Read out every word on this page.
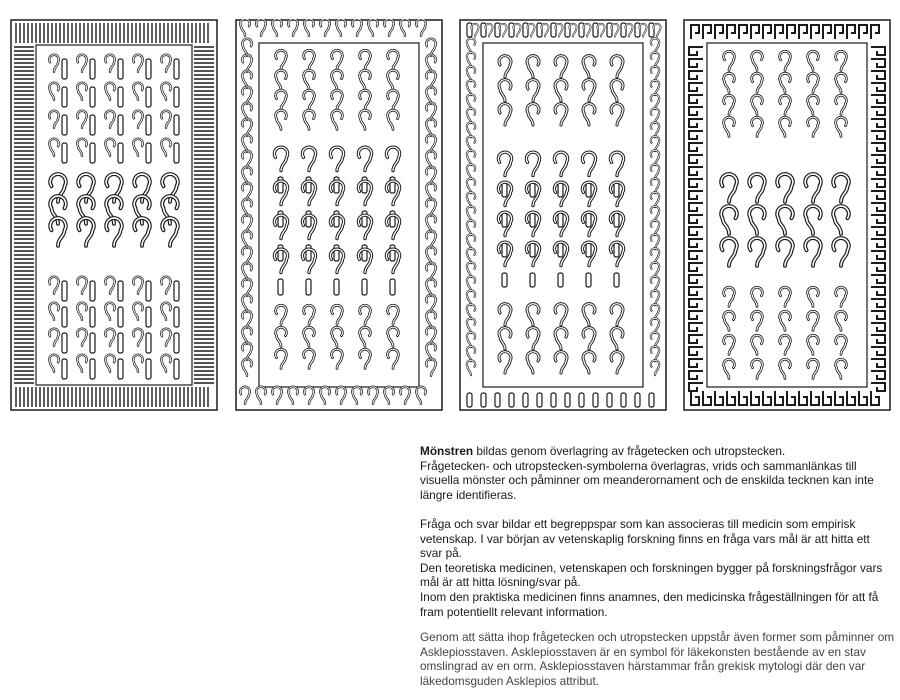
Mönstren bildas genom överlagring av frågetecken och utropstecken.

Frågetecken- och utropstecken-symbolerna överlagras, vrids och sammanlänkas till visuella mönster och påminner om meanderornament och de enskilda tecknen kan inte längre identifieras.

Fråga och svar bildar ett begreppspar som kan associeras till medicin som empirisk vetenskap. I var början av vetenskaplig forskning finns en fråga vars mål är att hitta ett svar på.

Den teoretiska medicinen, vetenskapen och forskningen bygger på forskningsfrågor vars mål är att hitta lösning/svar på.

Inom den praktiska medicinen finns anamnes, den medicinska frågeställningen för att få fram potentiellt relevant information.

Genom att sätta ihop frågetecken och utropstecken uppstår även former som påminner om Asklepiosstaven. Asklepiosstaven är en symbol för läkekonsten bestående av en stav omslingrad av en orm. Asklepiosstaven härstammar från grekisk mytologi där den var läkedomsguden Asklepios attribut.
